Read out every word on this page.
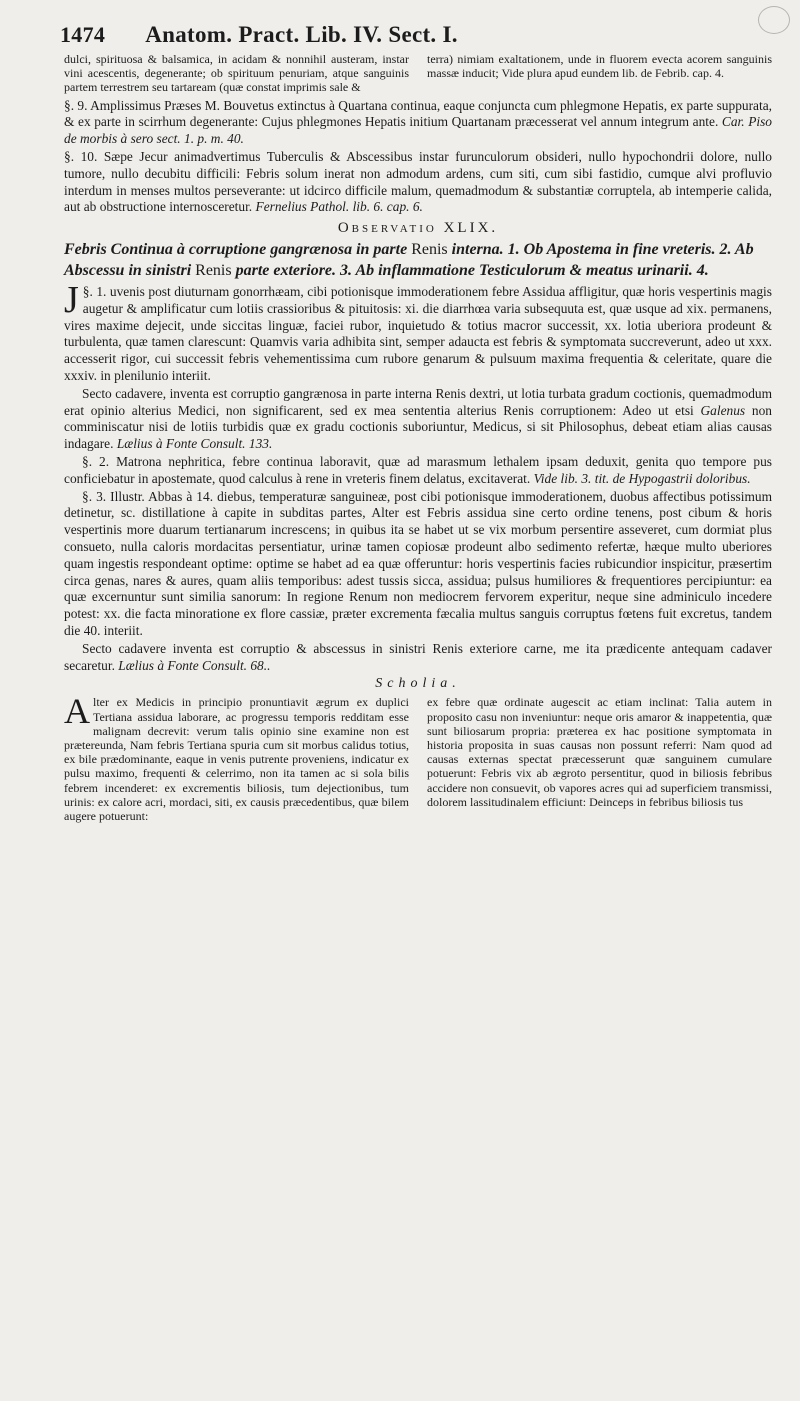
1474 Anatom. Pract. Lib. IV. Sect. I.

dulci, spirituosa & balsamica, in acidam & nonnihil austeram, instar vini acescentis, degenerante; ob spirituum penuriam, atque sanguinis partem terrestrem seu tartaream (quæ constat imprimis sale &

terra) nimiam exaltationem, unde in fluorem evecta acorem sanguinis massæ inducit; Vide plura apud eundem lib. de Febrib. cap. 4.

§. 9. Amplissimus Præses M. Bouvetus extinctus à Quartana continua, eaque conjuncta cum phlegmone Hepatis, ex parte suppurata, & ex parte in scirrhum degenerante: Cujus phlegmones Hepatis initium Quartanam præcesserat vel annum integrum ante. Car. Piso de morbis à sero sect. 1. p. m. 40.

§. 10. Sæpe Jecur animadvertimus Tuberculis & Abscessibus instar furunculorum obsideri, nullo hypochondrii dolore, nullo tumore, nullo decubitu difficili: Febris solum inerat non admodum ardens, cum siti, cum sibi fastidio, cumque alvi profluvio interdum in menses multos perseverante: ut idcirco difficile malum, quemadmodum & substantiæ corruptela, ab intemperie calida, aut ab obstructione internosceretur. Fernelius Pathol. lib. 6. cap. 6.

Observatio XLIX.
Febris Continua à corruptione gangrænosa in parte Renis interna. 1. Ob Apostema in fine vreteris. 2. Ab Abscessu in sinistri Renis parte exteriore. 3. Ab inflammatione Testiculorum & meatus urinarii. 4.

§. 1.
J uvenis post diuturnam gonorrhæam, cibi potionisque immoderationem febre Assidua affligitur, quæ horis vespertinis magis augetur & amplificatur cum lotiis crassioribus & pituitosis: xi. die diarrhœa varia subsequuta est, quæ usque ad xix. permanens, vires maxime dejecit, unde siccitas linguæ, faciei rubor, inquietudo & totius macror successit, xx. lotia uberiora prodeunt & turbulenta, quæ tamen clarescunt: Quamvis varia adhibita sint, semper adaucta est febris & symptomata succreverunt, adeo ut xxx. accesserit rigor, cui successit febris vehementissima cum rubore genarum & pulsuum maxima frequentia & celeritate, quare die xxxiv. in plenilunio interiit.

Secto cadavere, inventa est corruptio gangrænosa in parte interna Renis dextri, ut lotia turbata gradum coctionis, quemadmodum erat opinio alterius Medici, non significarent, sed ex mea sententia alterius Renis corruptionem: Adeo ut etsi Galenus non comminiscatur nisi de lotiis turbidis quæ ex gradu coctionis suboriuntur, Medicus, si sit Philosophus, debeat etiam alias causas indagare. Lælius à Fonte Consult. 133.

§. 2. Matrona nephritica, febre continua laboravit, quæ ad marasmum lethalem ipsam deduxit, genita quo tempore pus conficiebatur in apostemate, quod calculus à rene in vreteris finem delatus, excitaverat. Vide lib. 3. tit. de Hypogastrii doloribus.

§. 3. Illustr. Abbas à 14. diebus, temperaturæ sanguineæ, post cibi potionisque immoderationem, duobus affectibus potissimum detinetur, sc. distillatione à capite in subditas partes, Alter est Febris assidua sine certo ordine tenens, post cibum & horis vespertinis more duarum tertianarum increscens; in quibus ita se habet ut se vix morbum persentire asseveret, cum dormiat plus consueto, nulla caloris mordacitas persentiatur, urinæ tamen copiosæ prodeunt albo sedimento refertæ, hæque multo uberiores quam ingestis respondeant optime: optime se habet ad ea quæ offeruntur: horis vespertinis facies rubicundior inspicitur, præsertim circa genas, nares & aures, quam aliis temporibus: adest tussis sicca, assidua; pulsus humiliores & frequentiores percipiuntur: ea quæ excernuntur sunt similia sanorum: In regione Renum non mediocrem fervorem experitur, neque sine adminiculo incedere potest: xx. die facta minoratione ex flore cassiæ, præter excrementa fæcalia multus sanguis corruptus fœtens fuit excretus, tandem die 40. interiit.

Secto cadavere inventa est corruptio & abscessus in sinistri Renis exteriore carne, me ita prædicente antequam cadaver secaretur. Lælius à Fonte Consult. 68..

Scholia.

Alter ex Medicis in principio pronuntiavit ægrum ex duplici Tertiana assidua laborare, ac progressu temporis redditam esse malignam decrevit: verum talis opinio sine examine non est prætereunda, Nam febris Tertiana spuria cum sit morbus calidus totius, ex bile prædominante, eaque in venis putrente proveniens, indicatur ex pulsu maximo, frequenti & celerrimo, non ita tamen ac si sola bilis febrem incenderet: ex excrementis biliosis, tum dejectionibus, tum urinis: ex calore acri, mordaci, siti, ex causis præcedentibus, quæ bilem augere potuerunt:

ex febre quæ ordinate augescit ac etiam inclinat: Talia autem in proposito casu non inveniuntur: neque oris amaror & inappetentia, quæ sunt biliosarum propria: præterea ex hac positione symptomata in historia proposita in suas causas non possunt referri: Nam quod ad causas externas spectat præcesserunt quæ sanguinem cumulare potuerunt: Febris vix ab ægroto persentitur, quod in biliosis febribus accidere non consuevit, ob vapores acres qui ad superficiem transmissi, dolorem lassitudinalem efficiunt: Deinceps in febribus biliosis tus
